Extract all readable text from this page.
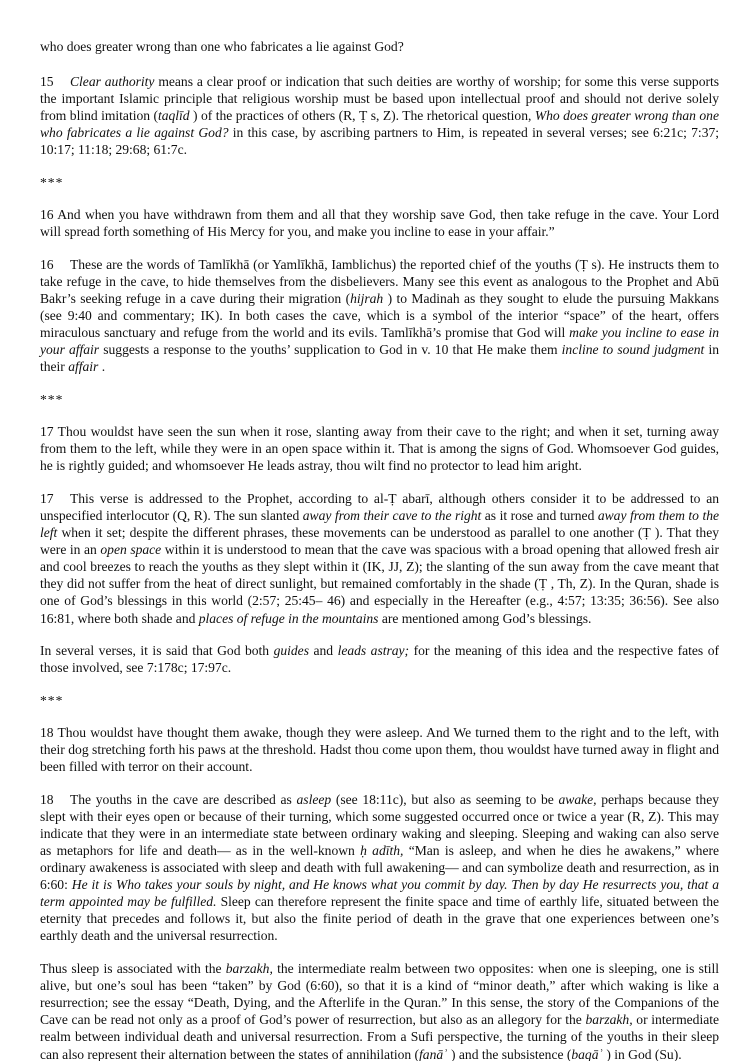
who does greater wrong than one who fabricates a lie against God?

15 Clear authority means a clear proof or indication that such deities are worthy of worship; for some this verse supports the important Islamic principle that religious worship must be based upon intellectual proof and should not derive solely from blind imitation (taqlīd ) of the practices of others (R, Ṭ s, Z). The rhetorical question, Who does greater wrong than one who fabricates a lie against God? in this case, by ascribing partners to Him, is repeated in several verses; see 6:21c; 7:37; 10:17; 11:18; 29:68; 61:7c.

***

16 And when you have withdrawn from them and all that they worship save God, then take refuge in the cave. Your Lord will spread forth something of His Mercy for you, and make you incline to ease in your affair.”

16 These are the words of Tamlīkhā (or Yamlīkhā, Iamblichus) the reported chief of the youths (Ṭ s). He instructs them to take refuge in the cave, to hide themselves from the disbelievers. Many see this event as analogous to the Prophet and Abū Bakr’s seeking refuge in a cave during their migration (hijrah ) to Madinah as they sought to elude the pursuing Makkans (see 9:40 and commentary; IK). In both cases the cave, which is a symbol of the interior “space” of the heart, offers miraculous sanctuary and refuge from the world and its evils. Tamlīkhā’s promise that God will make you incline to ease in your affair suggests a response to the youths’ supplication to God in v. 10 that He make them incline to sound judgment in their affair .

***

17 Thou wouldst have seen the sun when it rose, slanting away from their cave to the right; and when it set, turning away from them to the left, while they were in an open space within it. That is among the signs of God. Whomsoever God guides, he is rightly guided; and whomsoever He leads astray, thou wilt find no protector to lead him aright.

17 This verse is addressed to the Prophet, according to al-Ṭ abarī, although others consider it to be addressed to an unspecified interlocutor (Q, R). The sun slanted away from their cave to the right as it rose and turned away from them to the left when it set; despite the different phrases, these movements can be understood as parallel to one another (Ṭ ). That they were in an open space within it is understood to mean that the cave was spacious with a broad opening that allowed fresh air and cool breezes to reach the youths as they slept within it (IK, JJ, Z); the slanting of the sun away from the cave meant that they did not suffer from the heat of direct sunlight, but remained comfortably in the shade (Ṭ , Th, Z). In the Quran, shade is one of God’s blessings in this world (2:57; 25:45– 46) and especially in the Hereafter (e.g., 4:57; 13:35; 36:56). See also 16:81, where both shade and places of refuge in the mountains are mentioned among God’s blessings.

In several verses, it is said that God both guides and leads astray; for the meaning of this idea and the respective fates of those involved, see 7:178c; 17:97c.

***

18 Thou wouldst have thought them awake, though they were asleep. And We turned them to the right and to the left, with their dog stretching forth his paws at the threshold. Hadst thou come upon them, thou wouldst have turned away in flight and been filled with terror on their account.

18 The youths in the cave are described as asleep (see 18:11c), but also as seeming to be awake, perhaps because they slept with their eyes open or because of their turning, which some suggested occurred once or twice a year (R, Z). This may indicate that they were in an intermediate state between ordinary waking and sleeping. Sleeping and waking can also serve as metaphors for life and death— as in the well-known ḥ adīth, “Man is asleep, and when he dies he awakens,” where ordinary awakeness is associated with sleep and death with full awakening— and can symbolize death and resurrection, as in 6:60: He it is Who takes your souls by night, and He knows what you commit by day. Then by day He resurrects you, that a term appointed may be fulfilled. Sleep can therefore represent the finite space and time of earthly life, situated between the eternity that precedes and follows it, but also the finite period of death in the grave that one experiences between one’s earthly death and the universal resurrection.

Thus sleep is associated with the barzakh, the intermediate realm between two opposites: when one is sleeping, one is still alive, but one’s soul has been “taken” by God (6:60), so that it is a kind of “minor death,” after which waking is like a resurrection; see the essay “Death, Dying, and the Afterlife in the Quran.” In this sense, the story of the Companions of the Cave can be read not only as a proof of God’s power of resurrection, but also as an allegory for the barzakh, or intermediate realm between individual death and universal resurrection. From a Sufi perspective, the turning of the youths in their sleep can also represent their alternation between the states of annihilation (fanāʾ ) and the subsistence (baqāʾ ) in God (Su).
